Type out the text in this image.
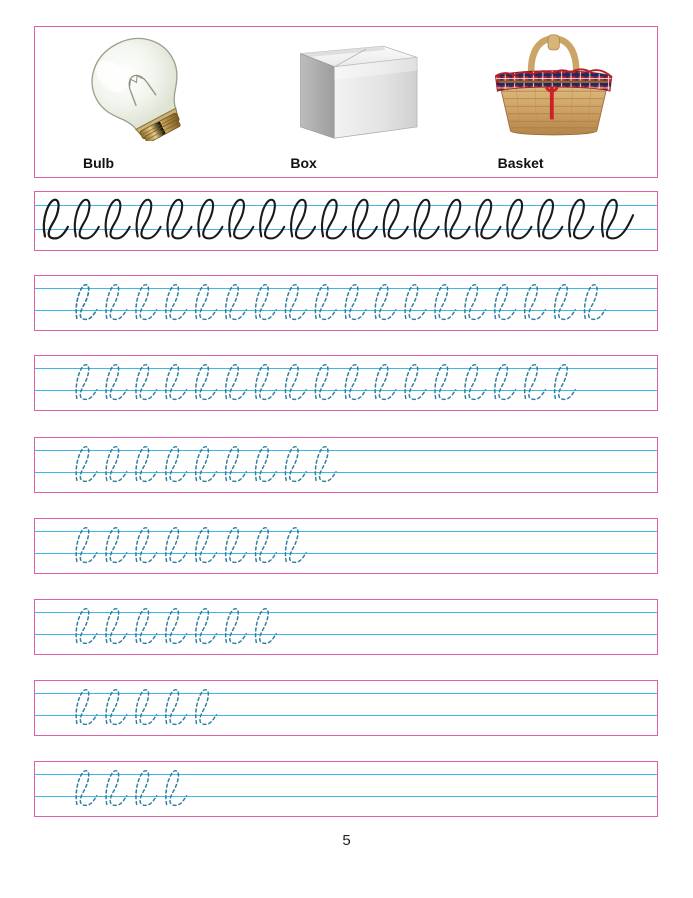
Bulb	Box	Basket
5
